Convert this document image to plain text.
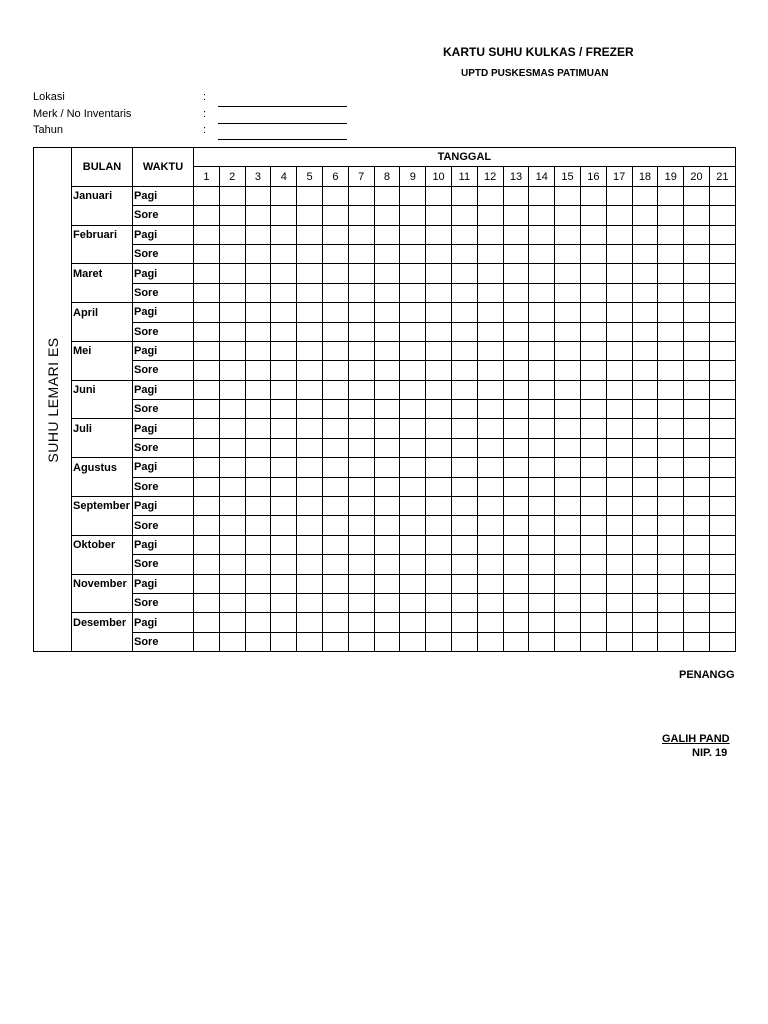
KARTU SUHU KULKAS / FREZER
UPTD PUSKESMAS PATIMUAN
Lokasi	:
Merk / No Inventaris	:
Tahun	:
SUHU LEMARI ES	BULAN	WAKTU	TANGGAL																				
			1	2	3	4	5	6	7	8	9	10	11	12	13	14	15	16	17	18	19	20	21
	Januari	Pagi																					
		Sore																					
	Februari	Pagi																					
		Sore																					
	Maret	Pagi																					
		Sore																					
	April	Pagi																					
		Sore																					
	Mei	Pagi																					
		Sore																					
	Juni	Pagi																					
		Sore																					
	Juli	Pagi																					
		Sore																					
	Agustus	Pagi																					
		Sore																					
	September	Pagi																					
		Sore																					
	Oktober	Pagi																					
		Sore																					
	November	Pagi																					
		Sore																					
	Desember	Pagi																					
		Sore																					
PENANGG
GALIH PAND
NIP. 19
